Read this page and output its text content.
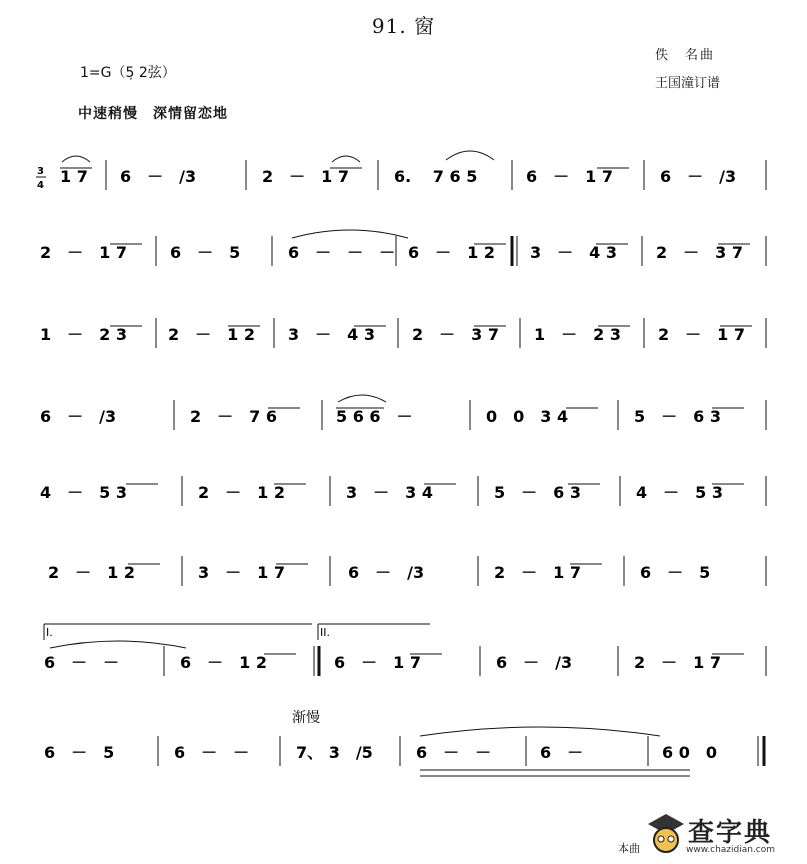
91. 窗
1=G（5̣ 2弦）
佚　名曲
王国潼订谱
中速稍慢　深情留恋地
3
4 1 7 6　－　/3	2　－　1 7	6.　 7 6 5	6　－　1 7	6　－　/3
2　－　1 7	6　－　5	6　－　－　－ 6　－　1 2 3　－　4 3 2　－　3 7
1　－　2 3	2　－　1 2 3　－　4 3 2　－　3 7 1　－　2 3 2　－　1 7
6　－　/3	2　－　7 6	5 6 6　－	0　0　3 4	5　－　6 3
4　－　5 3	2　－　1 2	3　－　3 4	5　－　6 3	4　－　5 3
2　－　1 2	3　－　1 7	6　－　/3	2　－　1 7	6　－　5
I.	II.
6　－　－	6　－　1 2	6　－　1 7	6　－　/3	2　－　1 7
渐慢
6　－　5	6　－　－	7、 3　/5	6　－　－	6　－	6 0　0
查字典
www.chazidian.com
本曲
